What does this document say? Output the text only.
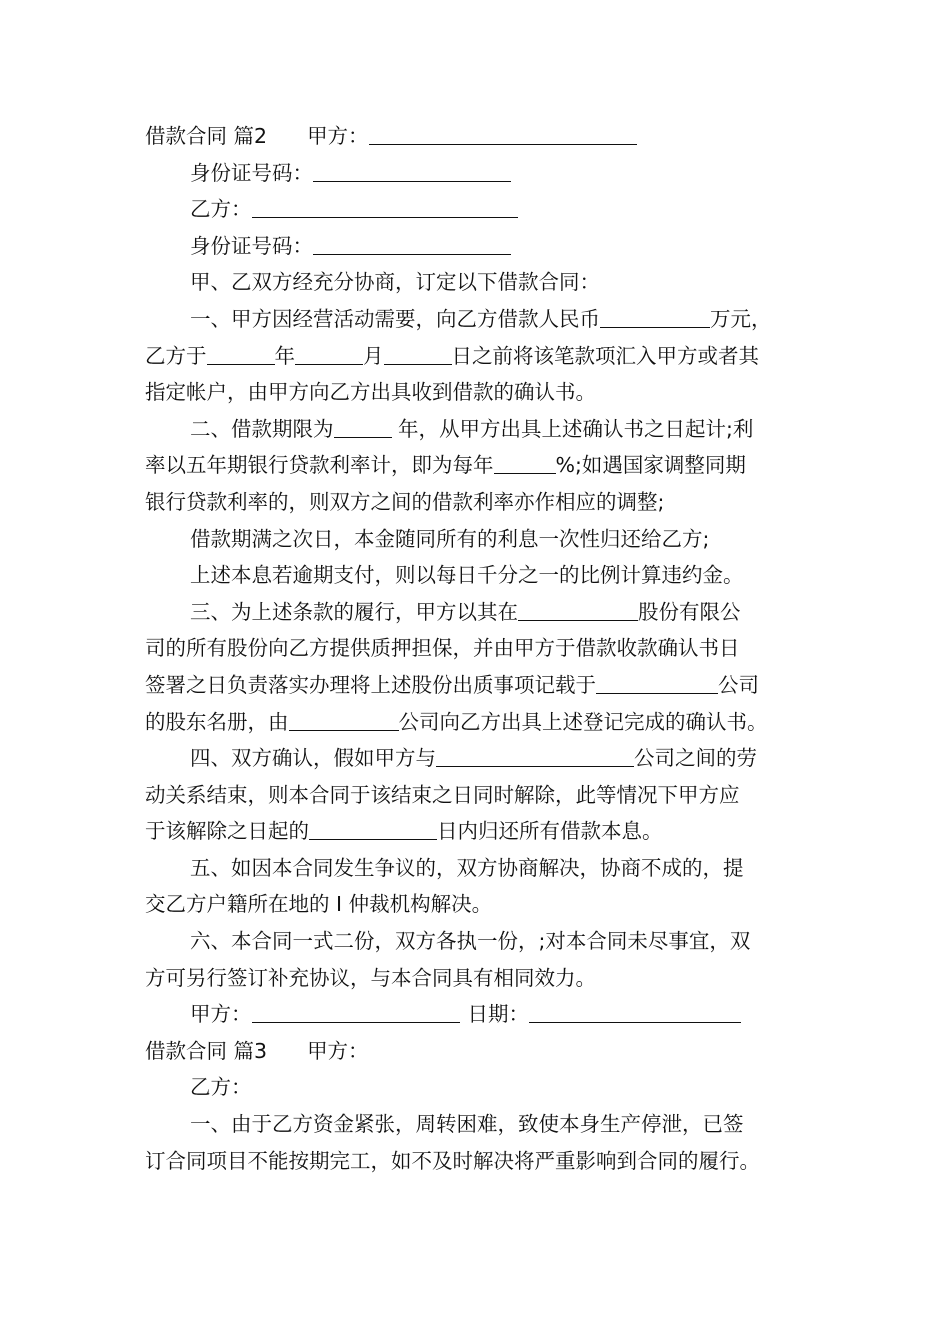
借款合同 篇2 甲方：
身份证号码：
乙方：
身份证号码：
甲、乙双方经充分协商，订定以下借款合同：
一、甲方因经营活动需要，向乙方借款人民币	万元，
乙方于	年	月	日之前将该笔款项汇入甲方或者其
指定帐户，由甲方向乙方出具收到借款的确认书。
二、借款期限为	年，从甲方出具上述确认书之日起计;利
率以五年期银行贷款利率计，即为每年	%;如遇国家调整同期
银行贷款利率的，则双方之间的借款利率亦作相应的调整;
借款期满之次日，本金随同所有的利息一次性归还给乙方;
上述本息若逾期支付，则以每日千分之一的比例计算违约金。
三、为上述条款的履行，甲方以其在	股份有限公
司的所有股份向乙方提供质押担保，并由甲方于借款收款确认书日
签署之日负责落实办理将上述股份出质事项记载于	公司
的股东名册，由	公司向乙方出具上述登记完成的确认书。
四、双方确认，假如甲方与	公司之间的劳
动关系结束，则本合同于该结束之日同时解除，此等情况下甲方应
于该解除之日起的	日内归还所有借款本息。
五、如因本合同发生争议的，双方协商解决，协商不成的，提
交乙方户籍所在地的 I 仲裁机构解决。
六、本合同一式二份，双方各执一份，;对本合同未尽事宜，双
方可另行签订补充协议，与本合同具有相同效力。
甲方：	日期：
借款合同 篇3 甲方：
乙方：
一、由于乙方资金紧张，周转困难，致使本身生产停泄，已签
订合同项目不能按期完工，如不及时解决将严重影响到合同的履行。
